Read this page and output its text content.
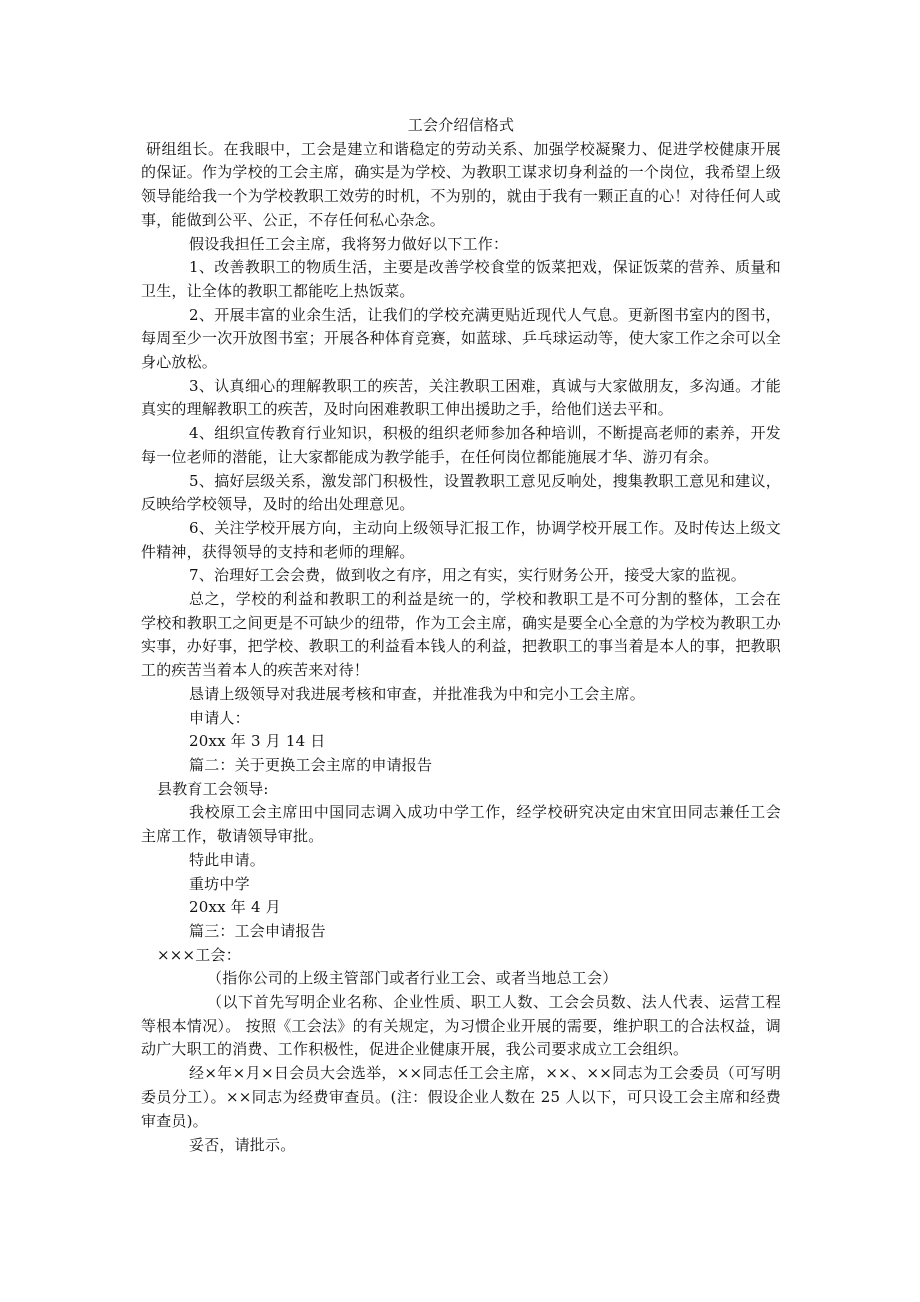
工会介绍信格式

研组组长。在我眼中，工会是建立和谐稳定的劳动关系、加强学校凝聚力、促进学校健康开展的保证。作为学校的工会主席，确实是为学校、为教职工谋求切身利益的一个岗位，我希望上级领导能给我一个为学校教职工效劳的时机，不为别的，就由于我有一颗正直的心！对待任何人或事，能做到公平、公正，不存任何私心杂念。

假设我担任工会主席，我将努力做好以下工作：

1、改善教职工的物质生活，主要是改善学校食堂的饭菜把戏，保证饭菜的营养、质量和卫生，让全体的教职工都能吃上热饭菜。

2、开展丰富的业余生活，让我们的学校充满更贴近现代人气息。更新图书室内的图书，每周至少一次开放图书室；开展各种体育竞赛，如蓝球、乒乓球运动等，使大家工作之余可以全身心放松。

3、认真细心的理解教职工的疾苦，关注教职工困难，真诚与大家做朋友，多沟通。才能真实的理解教职工的疾苦，及时向困难教职工伸出援助之手，给他们送去平和。

4、组织宣传教育行业知识，积极的组织老师参加各种培训，不断提高老师的素养，开发每一位老师的潜能，让大家都能成为教学能手，在任何岗位都能施展才华、游刃有余。

5、搞好层级关系，激发部门积极性，设置教职工意见反响处，搜集教职工意见和建议，反映给学校领导，及时的给出处理意见。

6、关注学校开展方向，主动向上级领导汇报工作，协调学校开展工作。及时传达上级文件精神，获得领导的支持和老师的理解。

7、治理好工会会费，做到收之有序，用之有实，实行财务公开，接受大家的监视。

总之，学校的利益和教职工的利益是统一的，学校和教职工是不可分割的整体，工会在学校和教职工之间更是不可缺少的纽带，作为工会主席，确实是要全心全意的为学校为教职工办实事，办好事，把学校、教职工的利益看本钱人的利益，把教职工的事当着是本人的事，把教职工的疾苦当着本人的疾苦来对待！

恳请上级领导对我进展考核和审查，并批准我为中和完小工会主席。

申请人：

20xx 年 3 月 14 日

篇二：关于更换工会主席的申请报告

县教育工会领导:

我校原工会主席田中国同志调入成功中学工作，经学校研究决定由宋宜田同志兼任工会主席工作，敬请领导审批。

特此申请。

重坊中学

20xx 年 4 月

篇三：工会申请报告

×××工会：

（指你公司的上级主管部门或者行业工会、或者当地总工会）

（以下首先写明企业名称、企业性质、职工人数、工会会员数、法人代表、运营工程等根本情况）。 按照《工会法》的有关规定，为习惯企业开展的需要，维护职工的合法权益，调动广大职工的消费、工作积极性，促进企业健康开展，我公司要求成立工会组织。

经×年×月×日会员大会选举，××同志任工会主席，××、××同志为工会委员（可写明委员分工）。××同志为经费审查员。(注：假设企业人数在 25 人以下，可只设工会主席和经费审查员)。

妥否，请批示。
